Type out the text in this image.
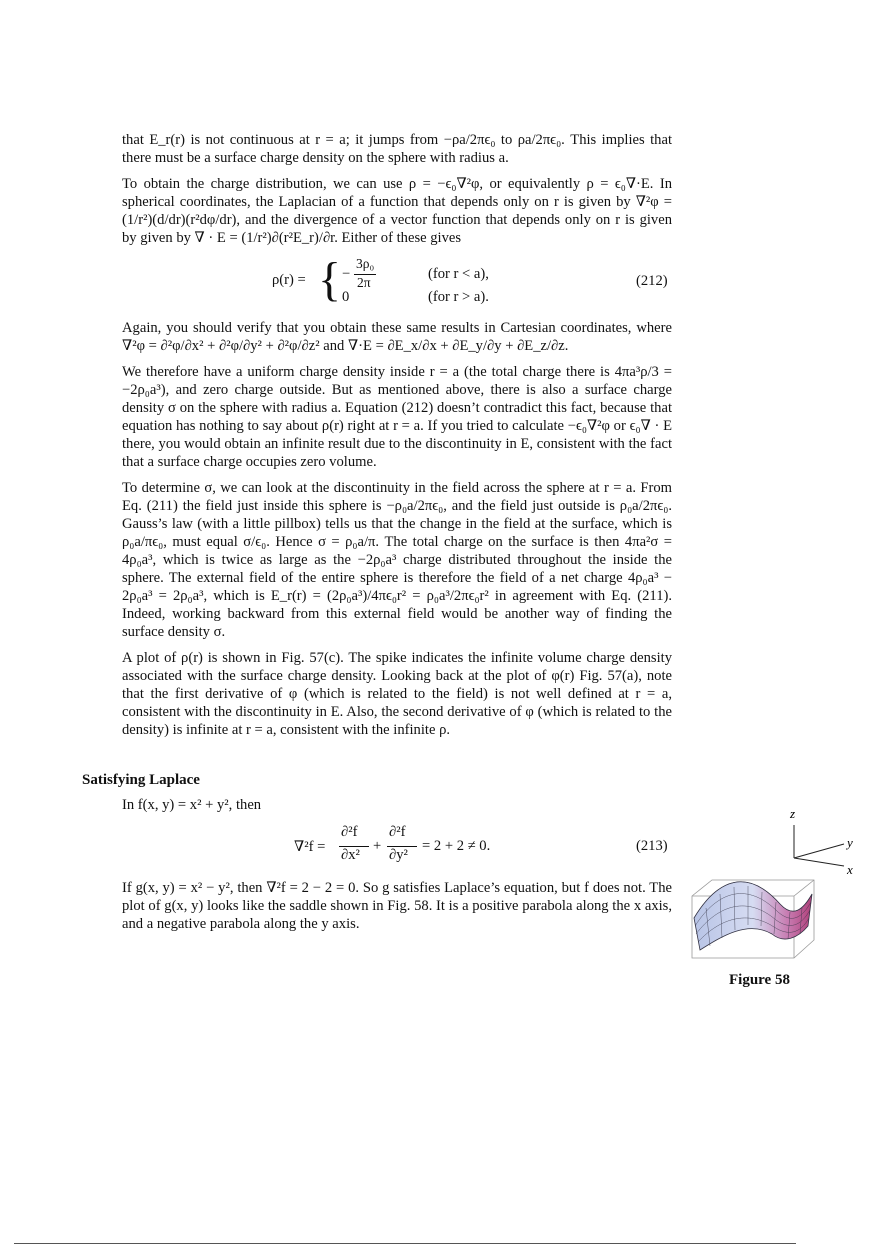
that E_r(r) is not continuous at r = a; it jumps from −ρa/2πϵ₀ to ρa/2πϵ₀. This implies that there must be a surface charge density on the sphere with radius a.

To obtain the charge distribution, we can use ρ = −ϵ₀∇²φ, or equivalently ρ = ϵ₀∇·E. In spherical coordinates, the Laplacian of a function that depends only on r is given by ∇²φ = (1/r²)(d/dr)(r²dφ/dr), and the divergence of a vector function that depends only on r is given by given by ∇ · E = (1/r²)∂(r²E_r)/∂r. Either of these gives

ρ(r) = { −
3ρ₀
2π
(for r < a),
0	(for r > a).
(212)

Again, you should verify that you obtain these same results in Cartesian coordinates, where ∇²φ = ∂²φ/∂x² + ∂²φ/∂y² + ∂²φ/∂z² and ∇·E = ∂E_x/∂x + ∂E_y/∂y + ∂E_z/∂z.

We therefore have a uniform charge density inside r = a (the total charge there is 4πa³ρ/3 = −2ρ₀a³), and zero charge outside. But as mentioned above, there is also a surface charge density σ on the sphere with radius a. Equation (212) doesn’t contradict this fact, because that equation has nothing to say about ρ(r) right at r = a. If you tried to calculate −ϵ₀∇²φ or ϵ₀∇ · E there, you would obtain an infinite result due to the discontinuity in E, consistent with the fact that a surface charge occupies zero volume.

To determine σ, we can look at the discontinuity in the field across the sphere at r = a. From Eq. (211) the field just inside this sphere is −ρ₀a/2πϵ₀, and the field just outside is ρ₀a/2πϵ₀. Gauss’s law (with a little pillbox) tells us that the change in the field at the surface, which is ρ₀a/πϵ₀, must equal σ/ϵ₀. Hence σ = ρ₀a/π. The total charge on the surface is then 4πa²σ = 4ρ₀a³, which is twice as large as the −2ρ₀a³ charge distributed throughout the inside the sphere. The external field of the entire sphere is therefore the field of a net charge 4ρ₀a³ − 2ρ₀a³ = 2ρ₀a³, which is E_r(r) = (2ρ₀a³)/4πϵ₀r² = ρ₀a³/2πϵ₀r² in agreement with Eq. (211). Indeed, working backward from this external field would be another way of finding the surface density σ.

A plot of ρ(r) is shown in Fig. 57(c). The spike indicates the infinite volume charge density associated with the surface charge density. Looking back at the plot of φ(r) Fig. 57(a), note that the first derivative of φ (which is related to the field) is not well defined at r = a, consistent with the discontinuity in E. Also, the second derivative of φ (which is related to the density) is infinite at r = a, consistent with the infinite ρ.

Satisfying Laplace

In f(x, y) = x² + y², then

∇²f =
∂²f
∂x²
+
∂²f
∂y²
= 2 + 2 ≠ 0.	(213)

If g(x, y) = x² − y², then ∇²f = 2 − 2 = 0. So g satisfies Laplace’s equation, but f does not. The plot of g(x, y) looks like the saddle shown in Fig. 58. It is a positive parabola along the x axis, and a negative parabola along the y axis.

z
y
x
Figure 58
